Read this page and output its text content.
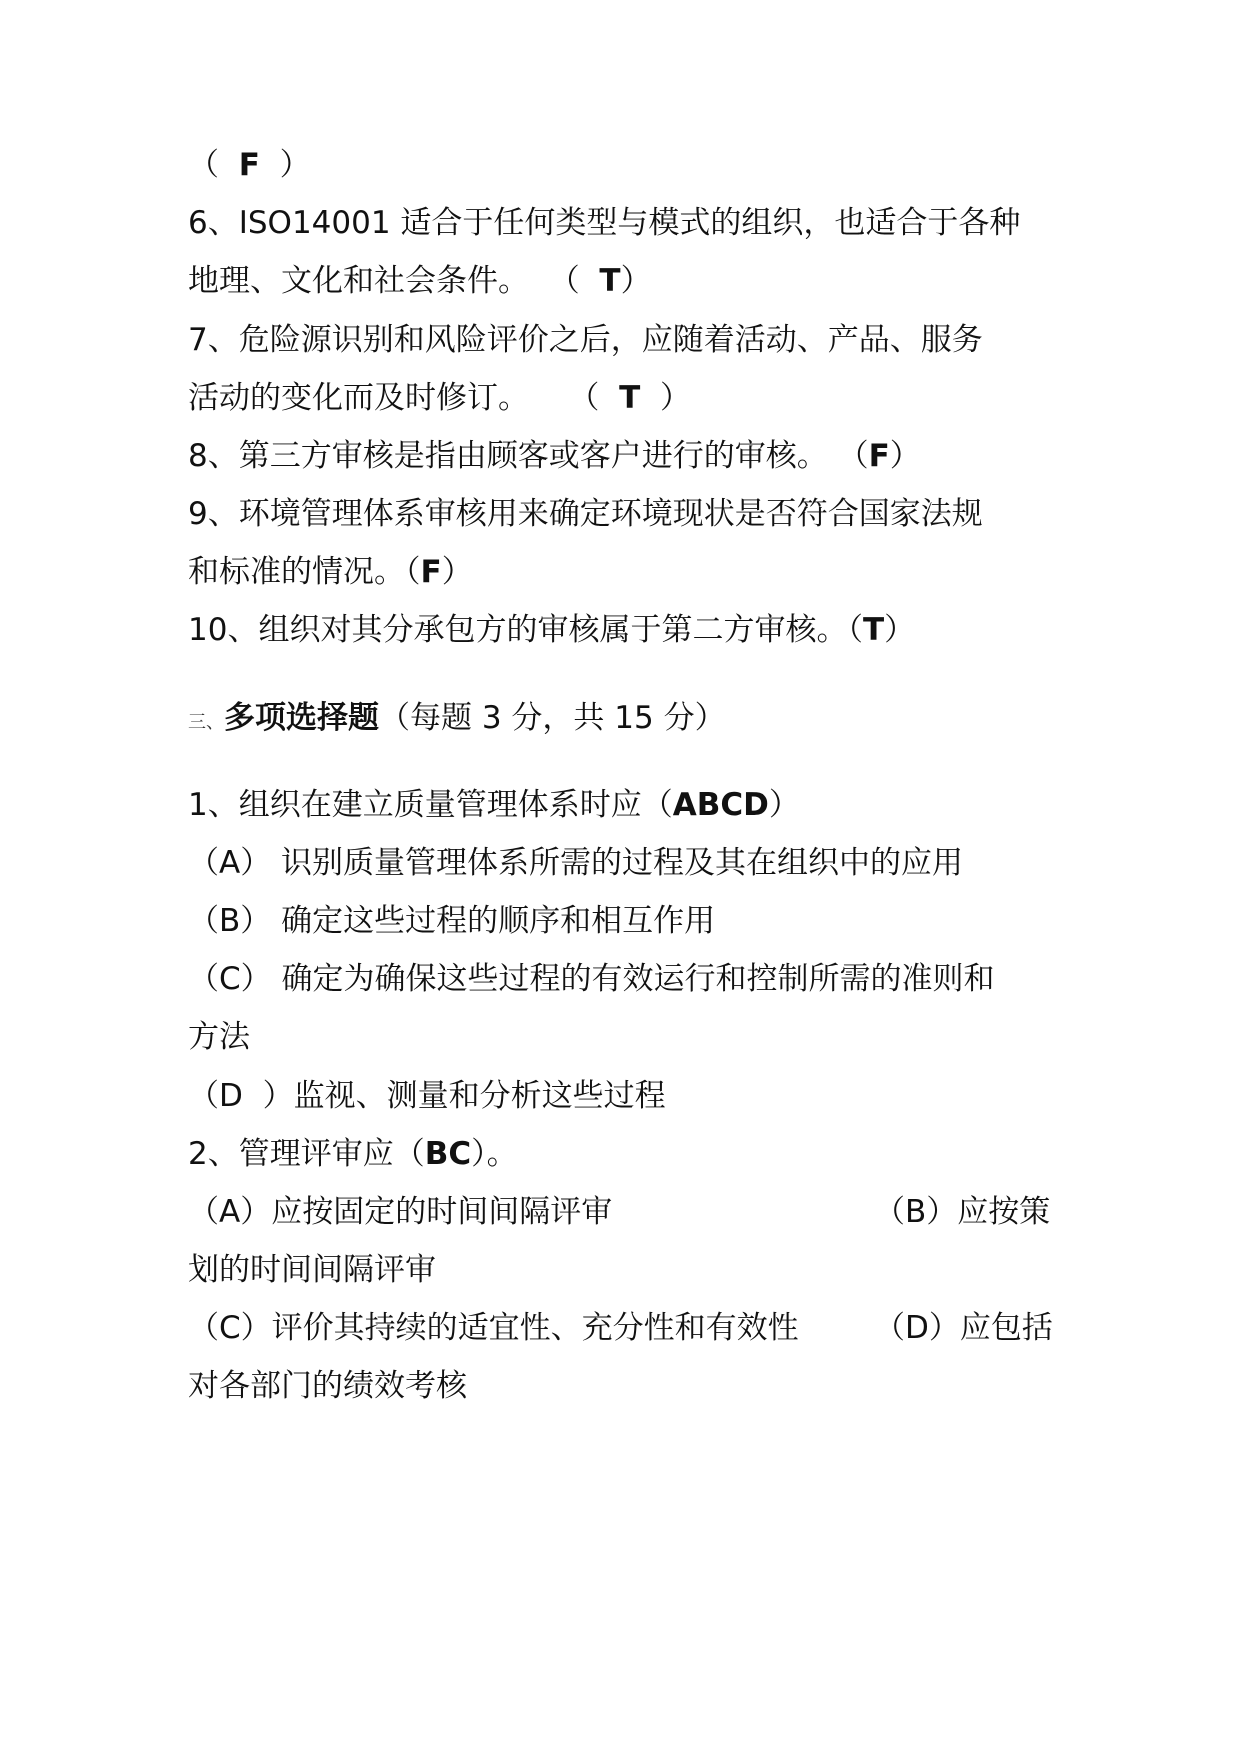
（  F  ）
6、ISO14001 适合于任何类型与模式的组织，也适合于各种
地理、文化和社会条件。  （  T）
7、危险源识别和风险评价之后，应随着活动、产品、服务
活动的变化而及时修订。    （  T  ）
8、第三方审核是指由顾客或客户进行的审核。 （F）
9、环境管理体系审核用来确定环境现状是否符合国家法规
和标准的情况。（F）
10、组织对其分承包方的审核属于第二方审核。（T）
三、多项选择题（每题 3 分，共 15 分）
1、组织在建立质量管理体系时应（ABCD）
（A） 识别质量管理体系所需的过程及其在组织中的应用
（B） 确定这些过程的顺序和相互作用
（C） 确定为确保这些过程的有效运行和控制所需的准则和
方法
（D  ）监视、测量和分析这些过程
2、管理评审应（BC）。
（A）应按固定的时间间隔评审	（B）应按策
划的时间间隔评审
（C）评价其持续的适宜性、充分性和有效性 （D）应包括
对各部门的绩效考核
